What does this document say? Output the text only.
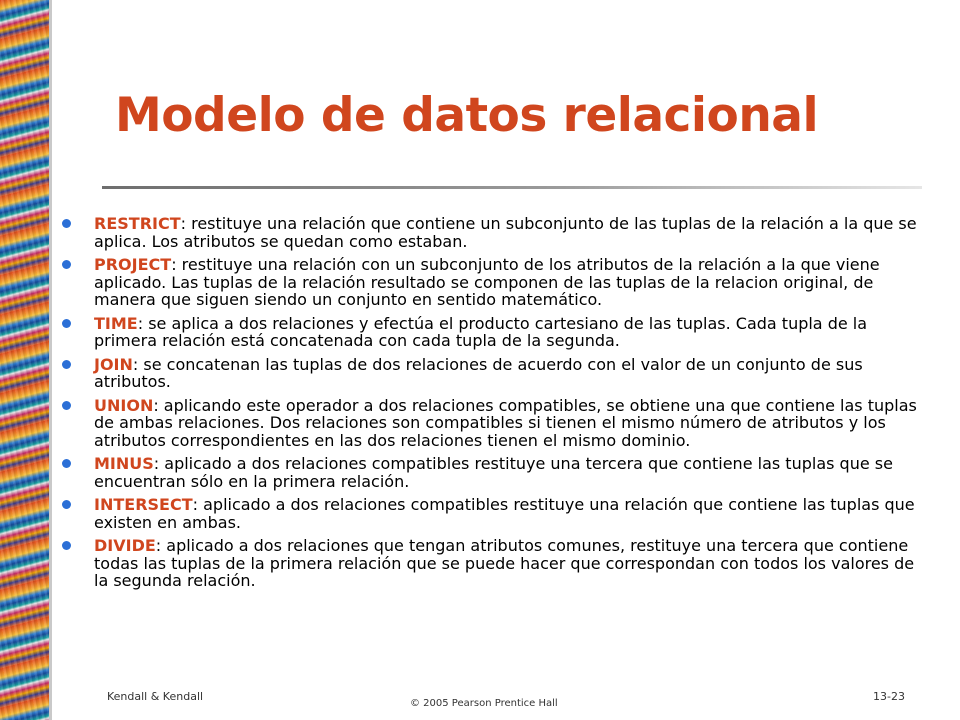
Modelo de datos relacional
RESTRICT: restituye una relación que contiene un subconjunto de las tuplas de la relación a la que se aplica. Los atributos se quedan como estaban.
PROJECT: restituye una relación con un subconjunto de los atributos de la relación a la que viene aplicado. Las tuplas de la relación resultado se componen de las tuplas de la relacion original, de manera que siguen siendo un conjunto en sentido matemático.
TIME: se aplica a dos relaciones y efectúa el producto cartesiano de las tuplas. Cada tupla de la primera relación está concatenada con cada tupla de la segunda.
JOIN: se concatenan las tuplas de dos relaciones de acuerdo con el valor de un conjunto de sus atributos.
UNION: aplicando este operador a dos relaciones compatibles, se obtiene una que contiene las tuplas de ambas relaciones. Dos relaciones son compatibles si tienen el mismo número de atributos y los atributos correspondientes en las dos relaciones tienen el mismo dominio.
MINUS: aplicado a dos relaciones compatibles restituye una tercera que contiene las tuplas que se encuentran sólo en la primera relación.
INTERSECT: aplicado a dos relaciones compatibles restituye una relación que contiene las tuplas que existen en ambas.
DIVIDE: aplicado a dos relaciones que tengan atributos comunes, restituye una tercera que contiene todas las tuplas de la primera relación que se puede hacer que correspondan con todos los valores de la segunda relación.
Kendall & Kendall
© 2005 Pearson Prentice Hall
13-23
